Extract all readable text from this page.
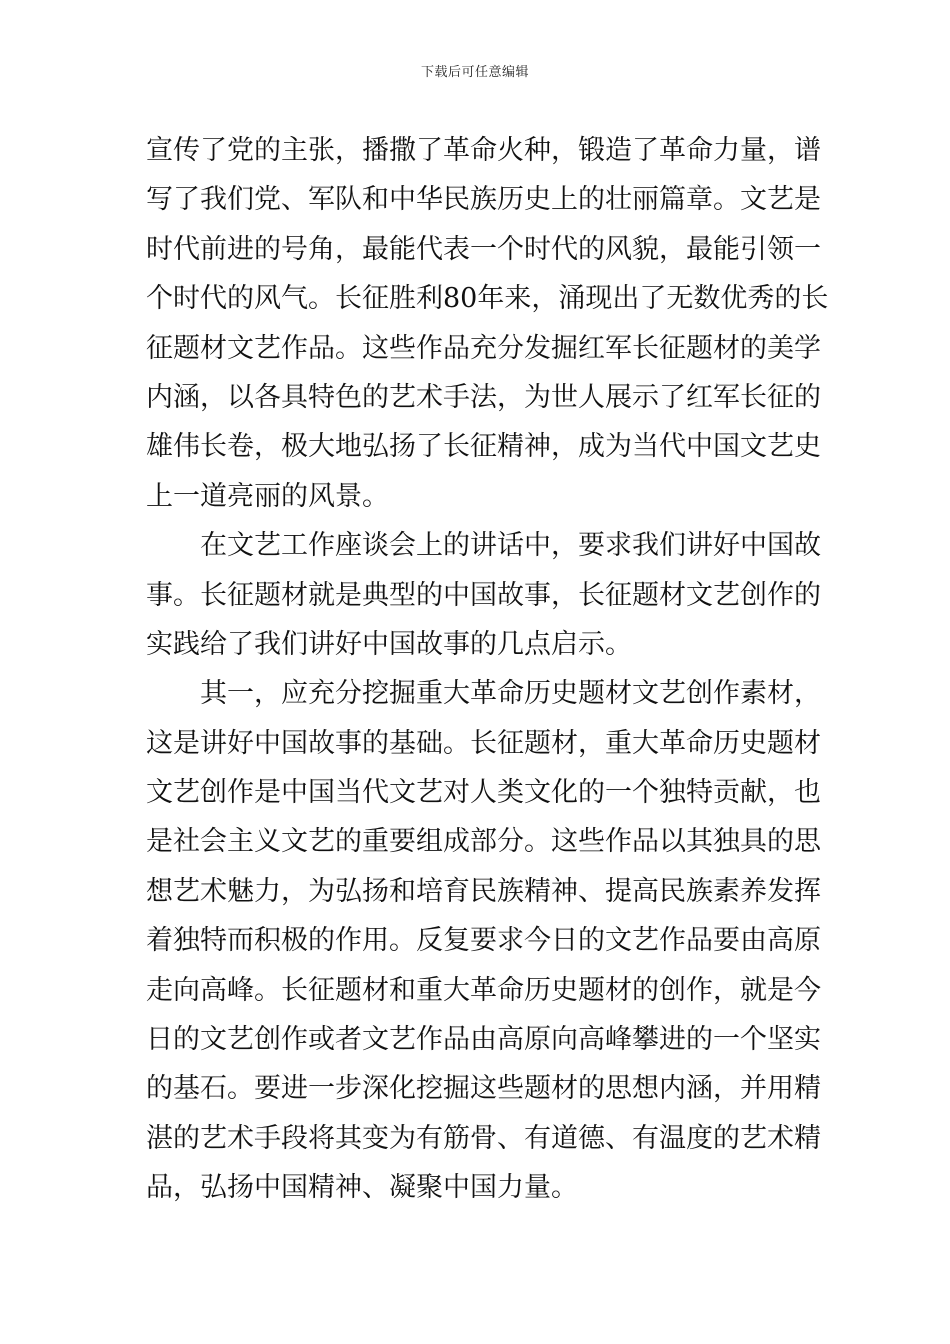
下载后可任意编辑
宣传了党的主张，播撒了革命火种，锻造了革命力量，谱
写了我们党、军队和中华民族历史上的壮丽篇章。文艺是
时代前进的号角，最能代表一个时代的风貌，最能引领一
个时代的风气。长征胜利80年来，涌现出了无数优秀的长
征题材文艺作品。这些作品充分发掘红军长征题材的美学
内涵，以各具特色的艺术手法，为世人展示了红军长征的
雄伟长卷，极大地弘扬了长征精神，成为当代中国文艺史
上一道亮丽的风景。
在文艺工作座谈会上的讲话中，要求我们讲好中国故
事。长征题材就是典型的中国故事，长征题材文艺创作的
实践给了我们讲好中国故事的几点启示。
其一，应充分挖掘重大革命历史题材文艺创作素材，
这是讲好中国故事的基础。长征题材，重大革命历史题材
文艺创作是中国当代文艺对人类文化的一个独特贡献，也
是社会主义文艺的重要组成部分。这些作品以其独具的思
想艺术魅力，为弘扬和培育民族精神、提高民族素养发挥
着独特而积极的作用。反复要求今日的文艺作品要由高原
走向高峰。长征题材和重大革命历史题材的创作，就是今
日的文艺创作或者文艺作品由高原向高峰攀进的一个坚实
的基石。要进一步深化挖掘这些题材的思想内涵，并用精
湛的艺术手段将其变为有筋骨、有道德、有温度的艺术精
品，弘扬中国精神、凝聚中国力量。
